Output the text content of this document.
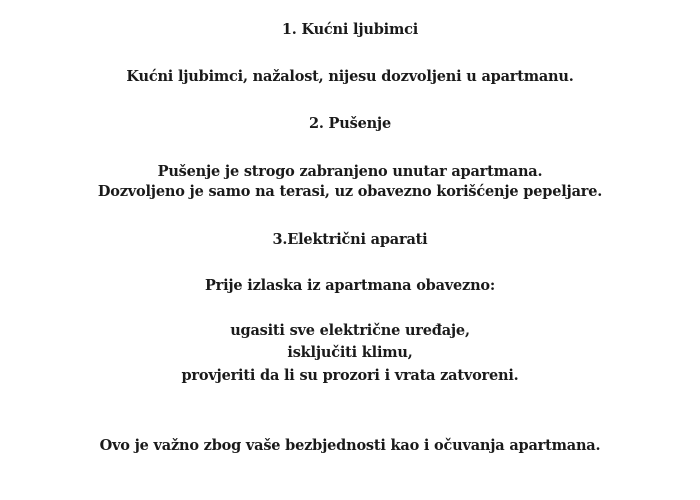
1. Kućni ljubimci
Kućni ljubimci, nažalost, nijesu dozvoljeni u apartmanu.
2. Pušenje
Pušenje je strogo zabranjeno unutar apartmana.
Dozvoljeno je samo na terasi, uz obavezno korišćenje pepeljare.
3.Električni aparati
Prije izlaska iz apartmana obavezno:
ugasiti sve električne uređaje,
isključiti klimu,
provjeriti da li su prozori i vrata zatvoreni.
Ovo je važno zbog vaše bezbjednosti kao i očuvanja apartmana.
